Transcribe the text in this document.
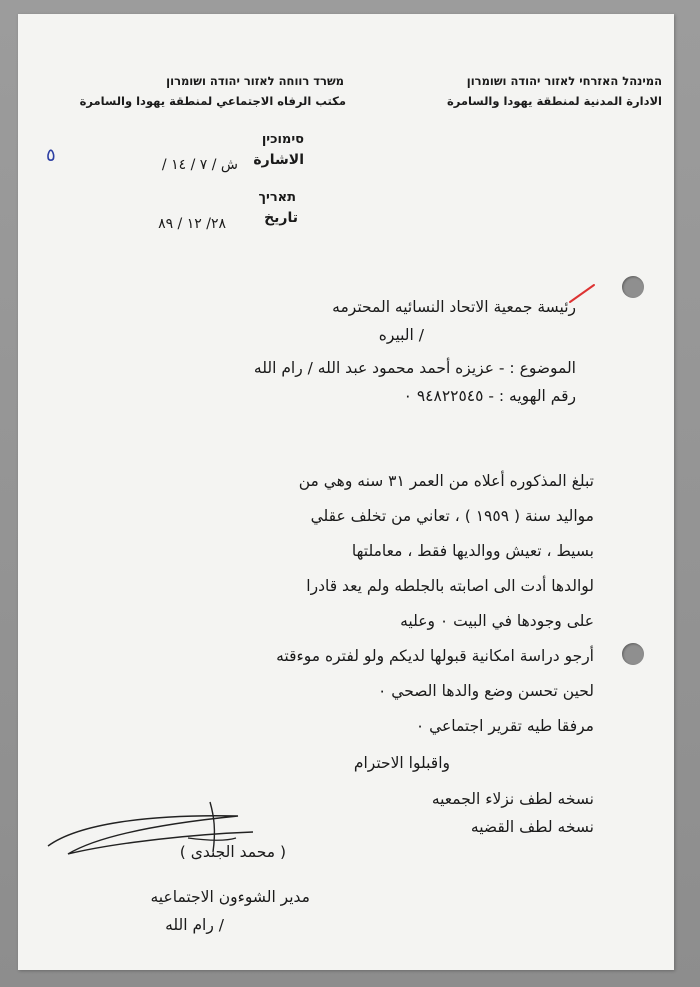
המינהל האזרחי לאזור יהודה ושומרון
الادارة المدنية لمنطقة يهودا والسامرة
משרד רווחה לאזור יהודה ושומרון
مكتب الرفاه الاجتماعي لمنطقة يهودا والسامرة
סימוכין
الاشارة
ش / ٧ / ١٤ /
٥
תאריך
تاريخ
٢٨/ ١٢ / ٨٩
رئيسة جمعية الاتحاد النسائيه المحترمه
/ البيره
الموضوع : - عزيزه أحمد محمود عبد الله / رام الله
رقم الهويه : - ٩٤٨٢٢٥٤٥ ٠
تبلغ المذكوره أعلاه من العمر ٣١ سنه وهي من
مواليد سنة ( ١٩٥٩ ) ، تعاني من تخلف عقلي
بسيط ، تعيش ووالديها فقط ، معاملتها
لوالدها أدت الى اصابته بالجلطه ولم يعد قادرا
على وجودها في البيت ٠ وعليه
أرجو دراسة امكانية قبولها لديكم ولو لفتره موءقته
لحين تحسن وضع والدها الصحي ٠
مرفقا طيه تقرير اجتماعي ٠
واقبلوا الاحترام
نسخه لطف نزلاء الجمعيه
نسخه لطف القضيه
( محمد الجندى )
مدير الشوءون الاجتماعيه
/ رام الله
